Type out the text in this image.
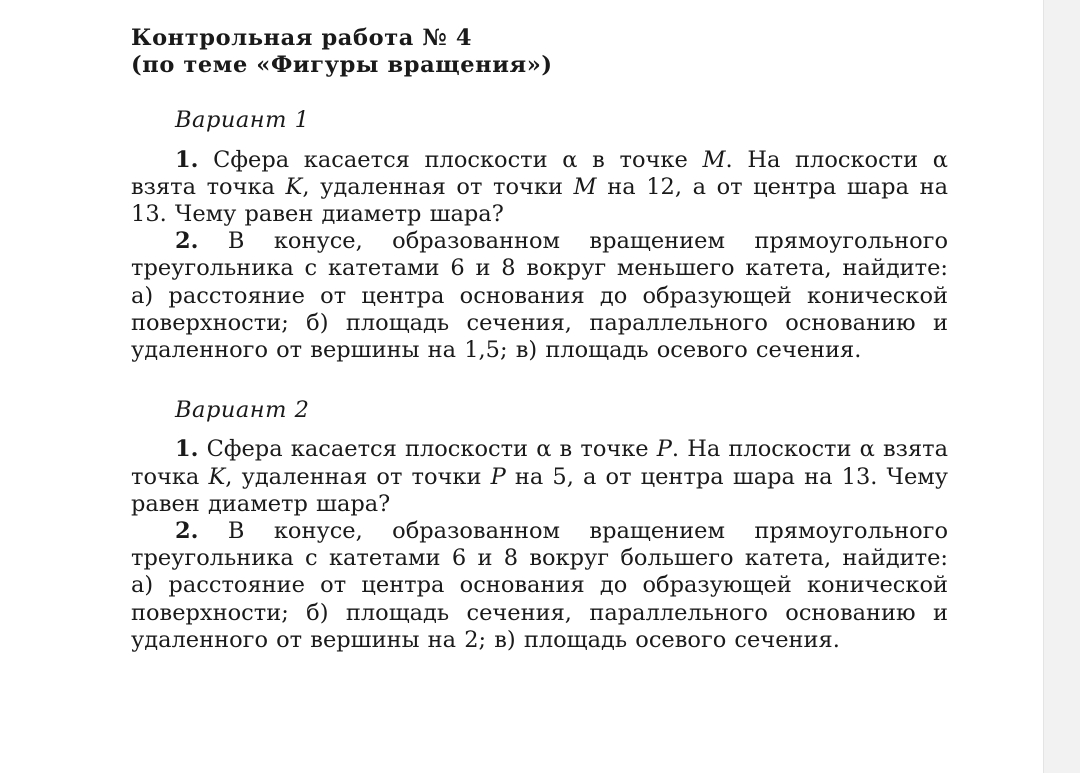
Контрольная работа № 4
(по теме «Фигуры вращения»)
Вариант 1

1. Сфера касается плоскости α в точке M. На плоскости α взята точка K, удаленная от точки M на 12, а от центра шара на 13. Чему равен диаметр шара?

2. В конусе, образованном вращением прямоугольного треугольника с катетами 6 и 8 вокруг меньшего катета, найдите: а) расстояние от центра основания до образующей конической поверхности; б) площадь сечения, параллельного основанию и удаленного от вершины на 1,5; в) площадь осевого сечения.

Вариант 2

1. Сфера касается плоскости α в точке P. На плоскости α взята точка K, удаленная от точки P на 5, а от центра шара на 13. Чему равен диаметр шара?

2. В конусе, образованном вращением прямоугольного треугольника с катетами 6 и 8 вокруг большего катета, найдите: а) расстояние от центра основания до образующей конической поверхности; б) площадь сечения, параллельного основанию и удаленного от вершины на 2; в) площадь осевого сечения.
